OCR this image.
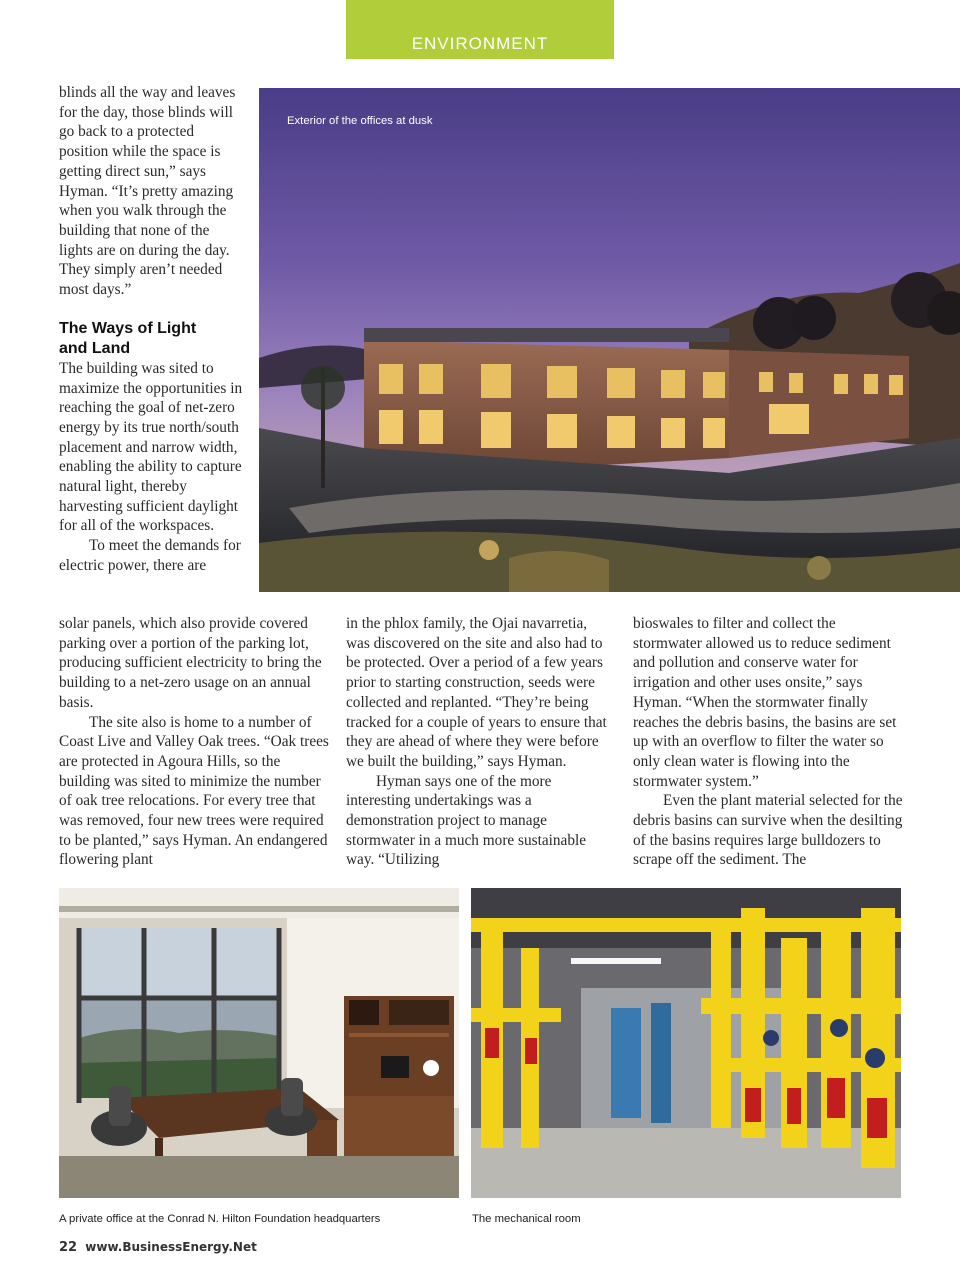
ENVIRONMENT

blinds all the way and leaves for the day, those blinds will go back to a protected position while the space is getting direct sun,” says Hyman. “It’s pretty amazing when you walk through the building that none of the lights are on during the day. They simply aren’t needed most days.”

The Ways of Light
and Land

The building was sited to maximize the opportunities in reaching the goal of net-zero energy by its true north/south placement and narrow width, enabling the ability to capture natural light, thereby harvesting sufficient daylight for all of the workspaces.

To meet the demands for electric power, there are

solar panels, which also provide covered parking over a portion of the parking lot, producing sufficient electricity to bring the building to a net-zero usage on an annual basis.

The site also is home to a number of Coast Live and Valley Oak trees. “Oak trees are protected in Agoura Hills, so the building was sited to minimize the number of oak tree relocations. For every tree that was removed, four new trees were required to be planted,” says Hyman. An endangered flowering plant

in the phlox family, the Ojai navarretia, was discovered on the site and also had to be protected. Over a period of a few years prior to starting construction, seeds were collected and replanted. “They’re being tracked for a couple of years to ensure that they are ahead of where they were before we built the building,” says Hyman.

Hyman says one of the more interesting undertakings was a demonstration project to manage stormwater in a much more sustainable way. “Utilizing

bioswales to filter and collect the stormwater allowed us to reduce sediment and pollution and conserve water for irrigation and other uses onsite,” says Hyman. “When the stormwater finally reaches the debris basins, the basins are set up with an overflow to filter the water so only clean water is flowing into the stormwater system.”

Even the plant material selected for the debris basins can survive when the desilting of the basins requires large bulldozers to scrape off the sediment. The

Exterior of the offices at dusk
A private office at the Conrad N. Hilton Foundation headquarters	The mechanical room
22 www.BusinessEnergy.Net
